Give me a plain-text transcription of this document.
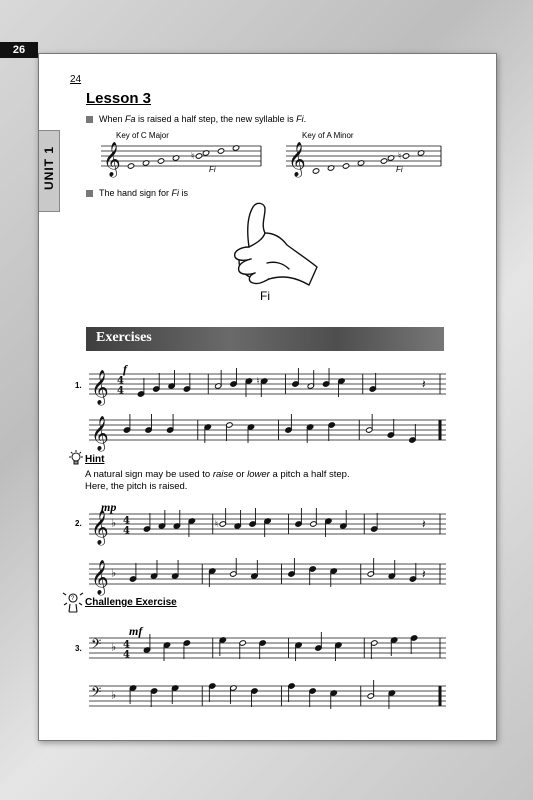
26
24
UNIT 1
Lesson 3
When Fa is raised a half step, the new syllable is Fi.
Key of C Major	Key of A Minor
𝄞	♮	𝄞	♮
Fi	Fi
The hand sign for Fi is
Fi
Exercises
1.
f
𝄞 4
4
♮	𝄽
𝄞
Hint
A natural sign may be used to raise or lower a pitch a half step.
Here, the pitch is raised.
2.
mp
𝄞 ♭ 4
4
♮	𝄽
𝄞 ♭	𝄽
? Challenge Exercise
3.
mf
𝄢 ♭ 4
4
𝄢 ♭
